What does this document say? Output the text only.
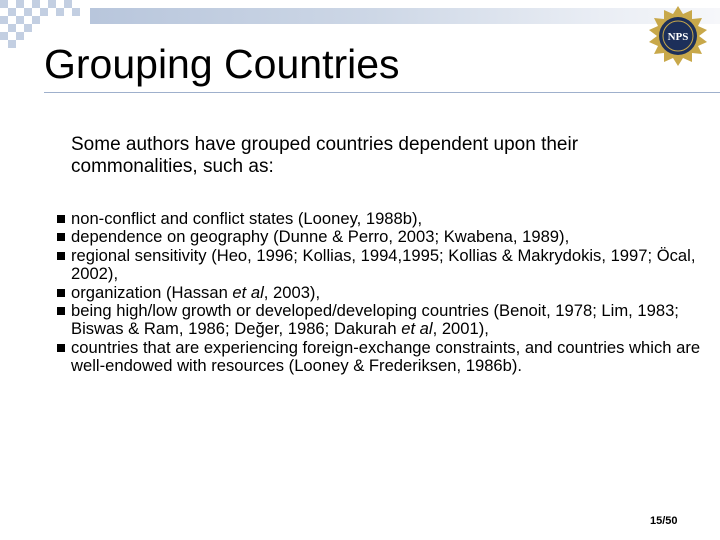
NPS
Grouping Countries
Some authors have grouped countries dependent upon their commonalities, such as:
non-conflict and conflict states (Looney, 1988b),
dependence on geography (Dunne & Perro, 2003; Kwabena, 1989),
regional sensitivity (Heo, 1996; Kollias, 1994,1995; Kollias & Makrydokis, 1997; Öcal, 2002),
organization (Hassan et al, 2003),
being high/low growth or developed/developing countries (Benoit, 1978; Lim, 1983; Biswas & Ram, 1986; Değer, 1986; Dakurah et al, 2001),
countries that are experiencing foreign-exchange constraints, and countries which are well-endowed with resources (Looney & Frederiksen, 1986b).
15/50
